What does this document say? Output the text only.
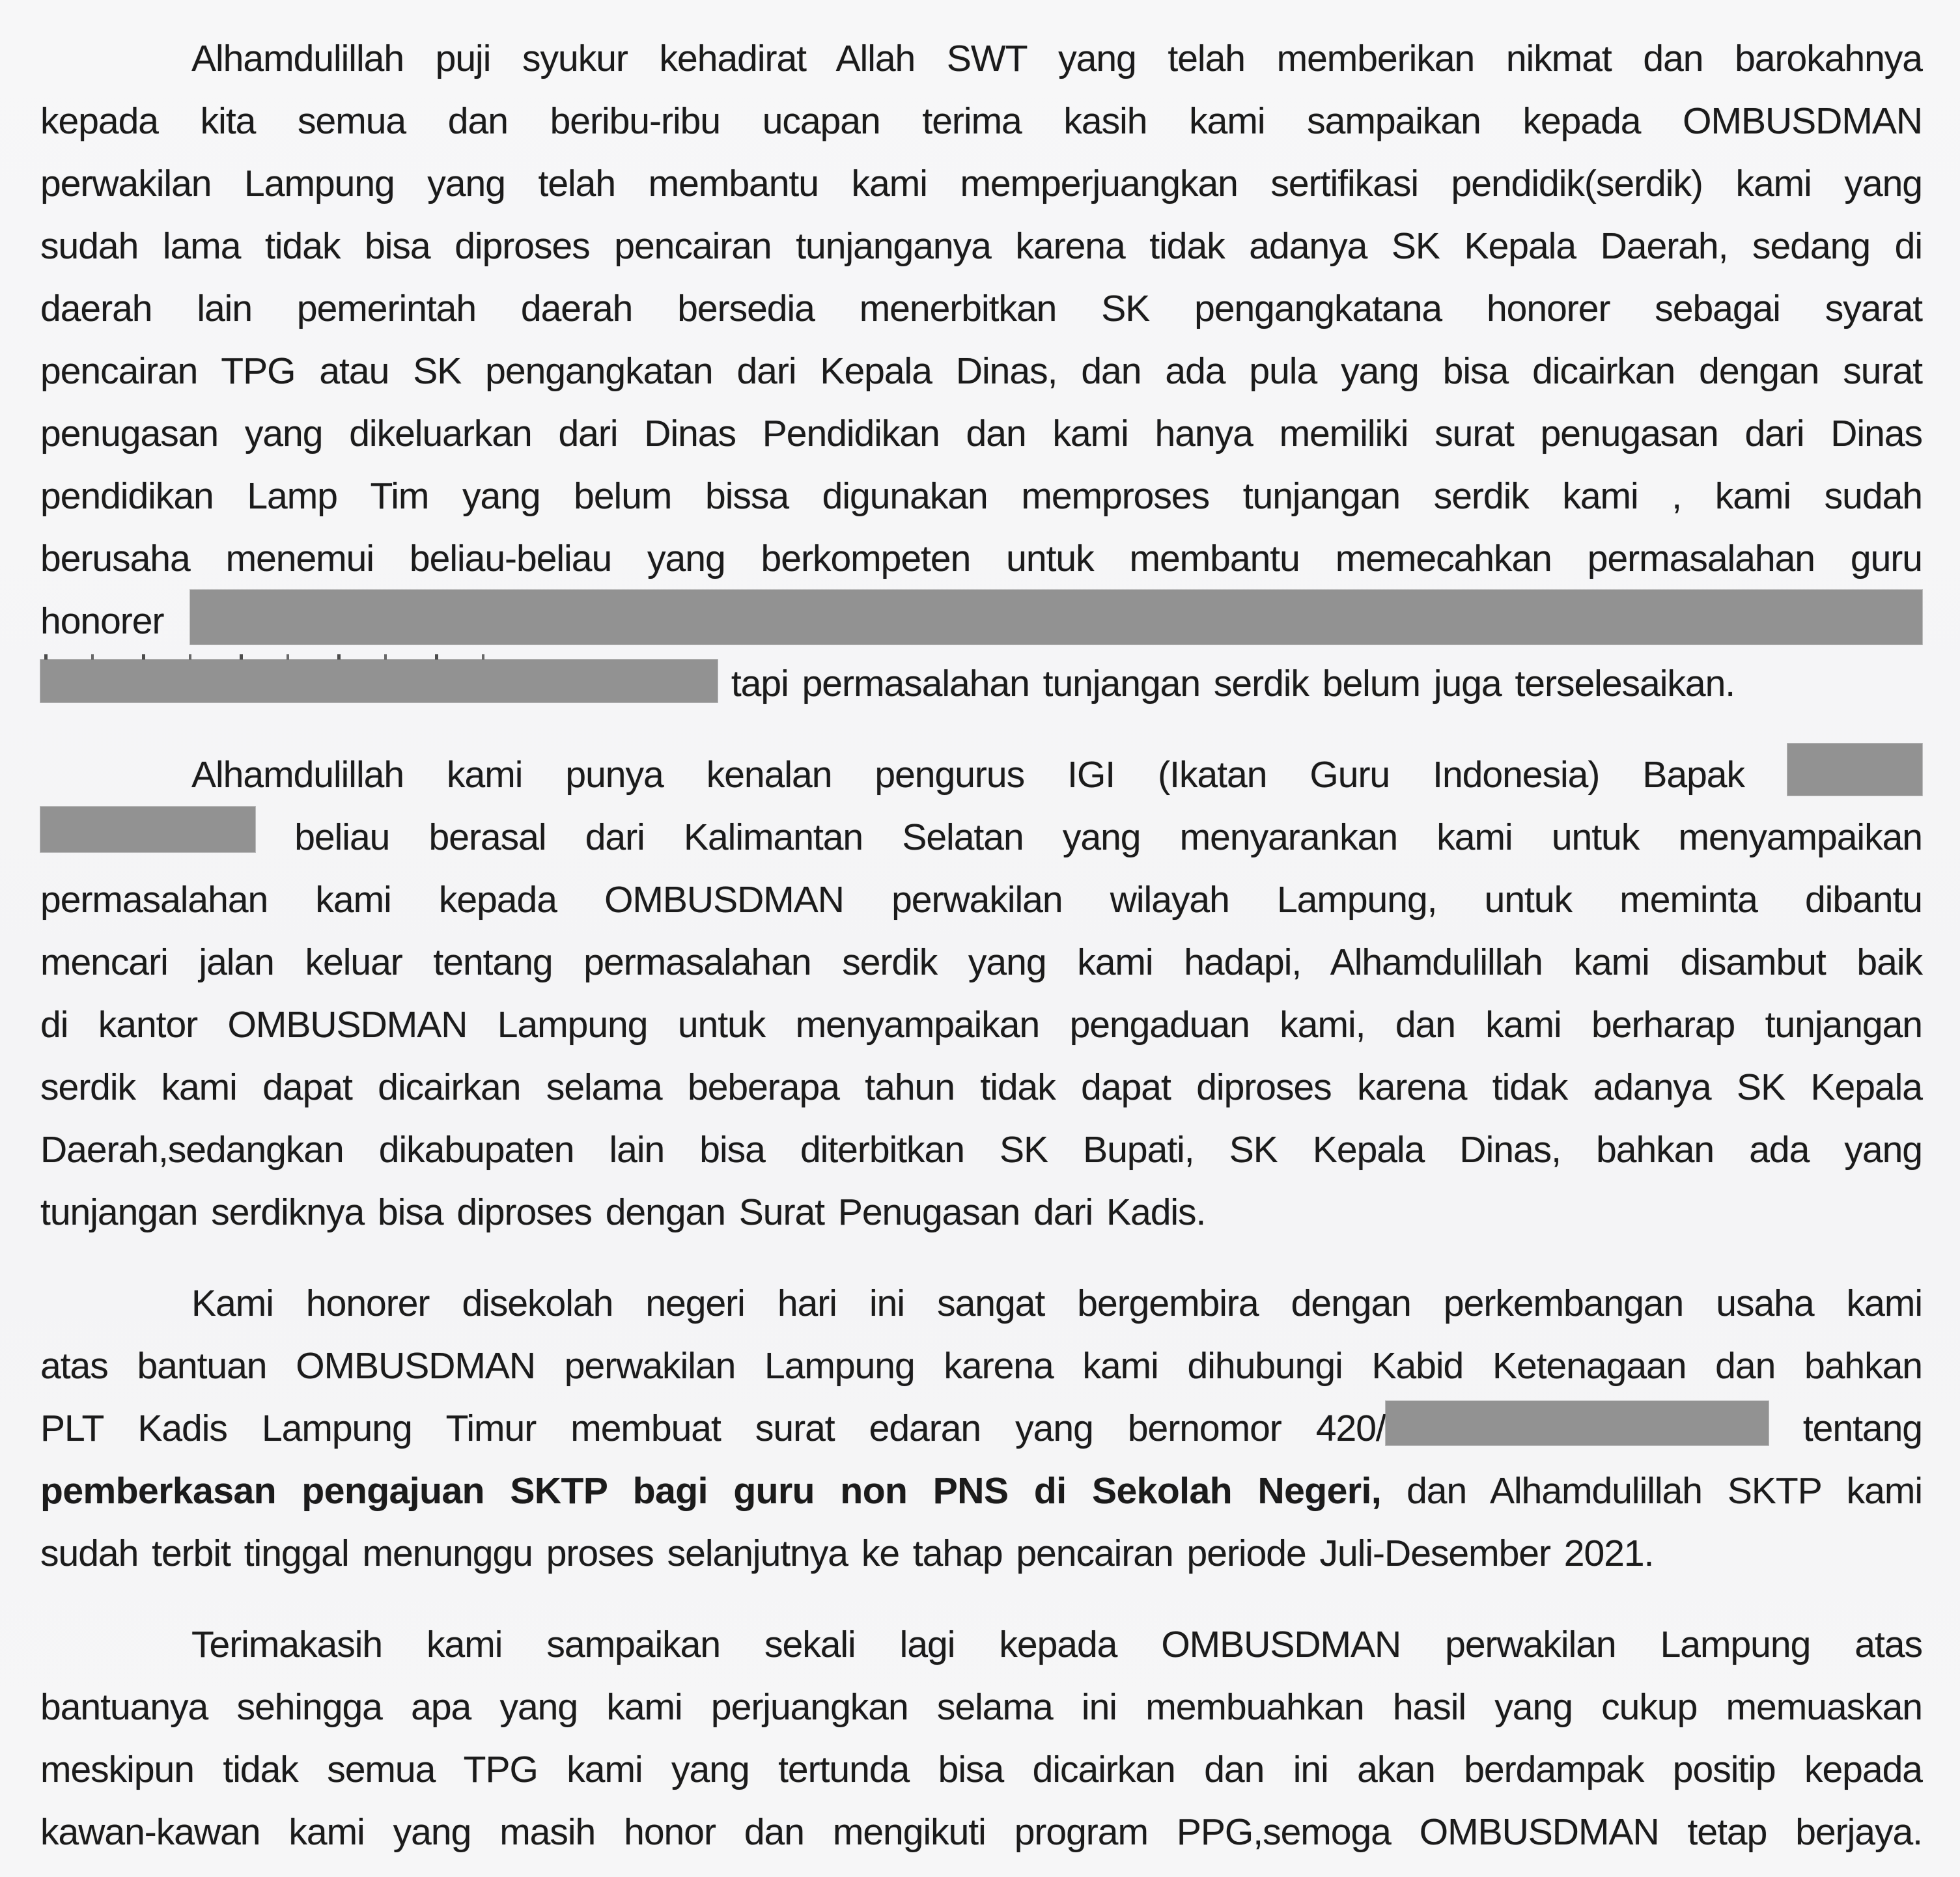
Alhamdulillah puji syukur kehadirat Allah SWT yang telah memberikan nikmat dan barokahnya
kepada kita semua dan beribu-ribu ucapan terima kasih kami sampaikan kepada OMBUSDMAN
perwakilan Lampung yang telah membantu kami memperjuangkan sertifikasi pendidik(serdik) kami yang
sudah lama tidak bisa diproses pencairan tunjanganya karena tidak adanya SK Kepala Daerah, sedang di
daerah lain pemerintah daerah bersedia menerbitkan SK pengangkatana honorer sebagai syarat
pencairan TPG atau SK pengangkatan dari Kepala Dinas, dan ada pula yang bisa dicairkan dengan surat
penugasan yang dikeluarkan dari Dinas Pendidikan dan kami hanya memiliki surat penugasan dari Dinas
pendidikan Lamp Tim yang belum bissa digunakan memproses tunjangan serdik kami , kami sudah
berusaha menemui beliau-beliau yang berkompeten untuk membantu memecahkan permasalahan guru
honorer
tapi permasalahan tunjangan serdik belum juga terselesaikan.
Alhamdulillah kami punya kenalan pengurus IGI (Ikatan Guru Indonesia) Bapak
beliau berasal dari Kalimantan Selatan yang menyarankan kami untuk menyampaikan
permasalahan kami kepada OMBUSDMAN perwakilan wilayah Lampung, untuk meminta dibantu
mencari jalan keluar tentang permasalahan serdik yang kami hadapi, Alhamdulillah kami disambut baik
di kantor OMBUSDMAN Lampung untuk menyampaikan pengaduan kami, dan kami berharap tunjangan
serdik kami dapat dicairkan selama beberapa tahun tidak dapat diproses karena tidak adanya SK Kepala
Daerah,sedangkan dikabupaten lain bisa diterbitkan SK Bupati, SK Kepala Dinas, bahkan ada yang
tunjangan serdiknya bisa diproses dengan Surat Penugasan dari Kadis.
Kami honorer disekolah negeri hari ini sangat bergembira dengan perkembangan usaha kami
atas bantuan OMBUSDMAN perwakilan Lampung karena kami dihubungi Kabid Ketenagaan dan bahkan
PLT Kadis Lampung Timur membuat surat edaran yang bernomor 420/	tentang
pemberkasan pengajuan SKTP bagi guru non PNS di Sekolah Negeri, dan Alhamdulillah SKTP kami
sudah terbit tinggal menunggu proses selanjutnya ke tahap pencairan periode Juli-Desember 2021.
Terimakasih kami sampaikan sekali lagi kepada OMBUSDMAN perwakilan Lampung atas
bantuanya sehingga apa yang kami perjuangkan selama ini membuahkan hasil yang cukup memuaskan
meskipun tidak semua TPG kami yang tertunda bisa dicairkan dan ini akan berdampak positip kepada
kawan-kawan kami yang masih honor dan mengikuti program PPG,semoga OMBUSDMAN tetap berjaya.
